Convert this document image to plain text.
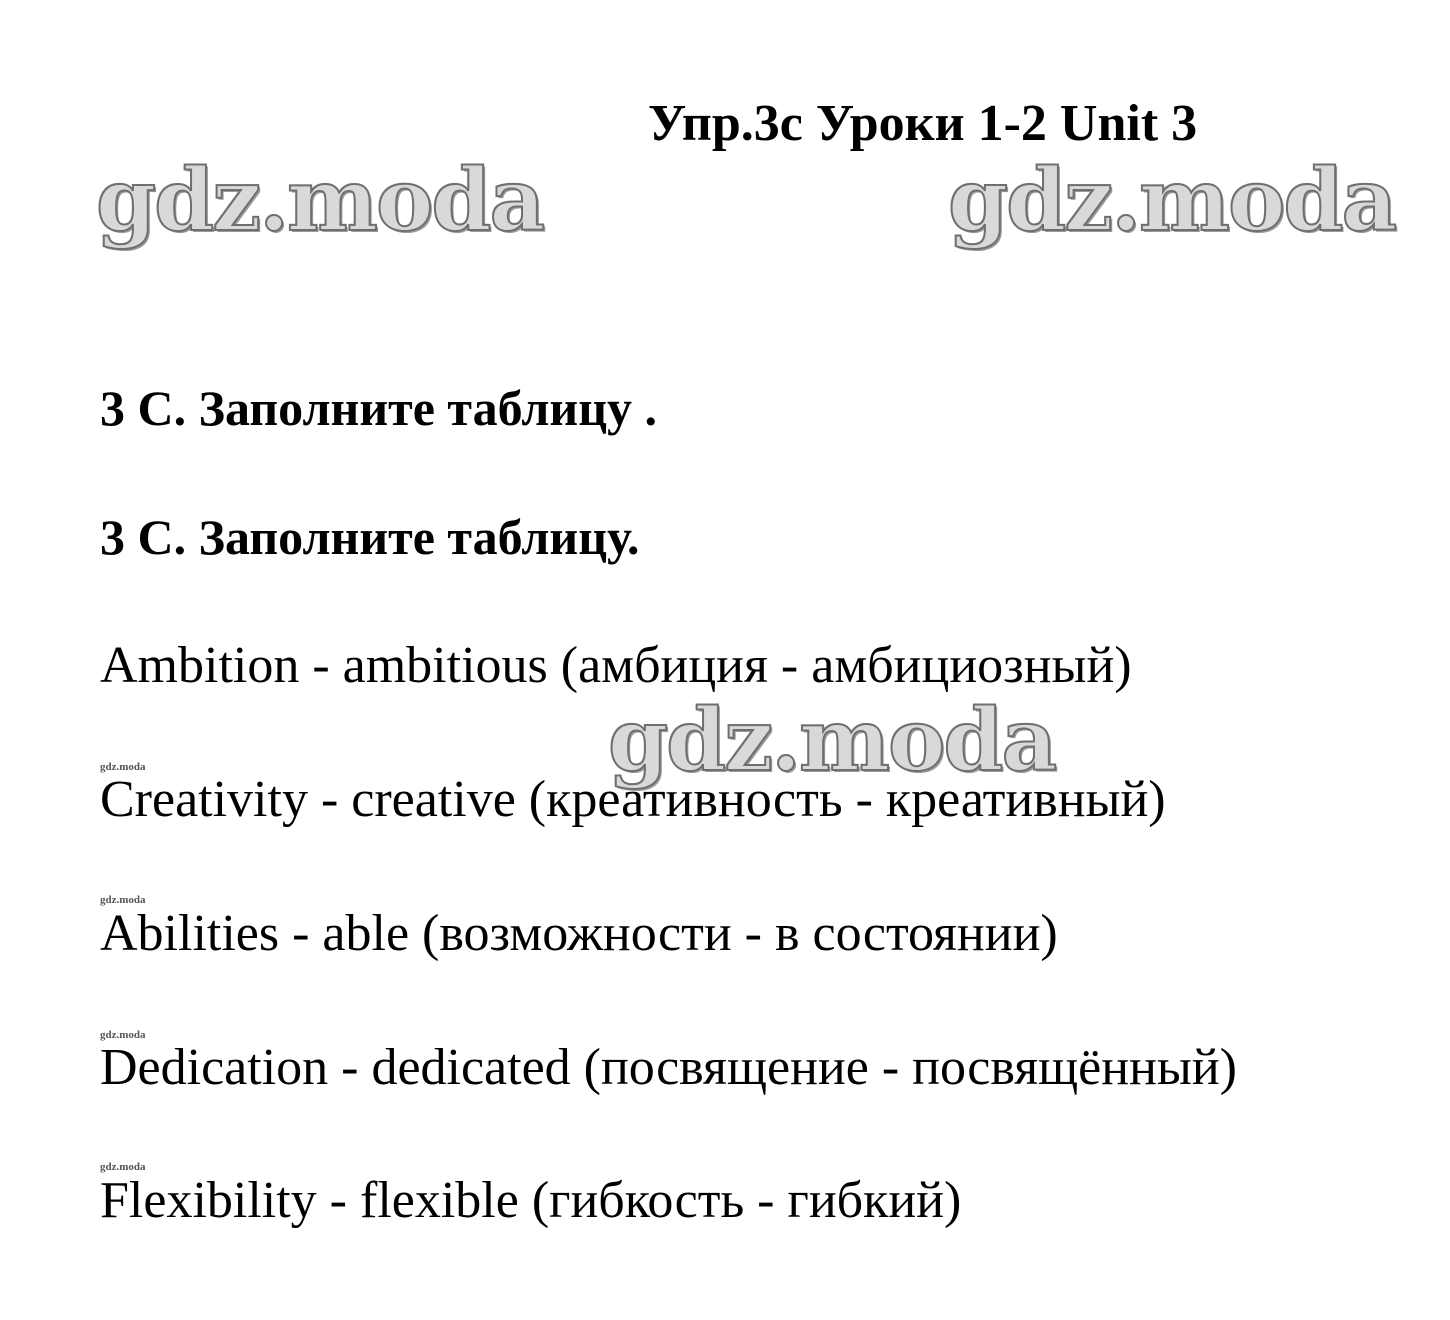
Упр.3с Уроки 1-2 Unit 3
gdz.moda	gdz.moda
3 С. Заполните таблицу .
3 С. Заполните таблицу.
Ambition - ambitious (амбиция - амбициозный)
gdz.moda
gdz.moda
Creativity - creative (креативность - креативный)
gdz.moda
Abilities - able (возможности - в состоянии)
gdz.moda
Dedication - dedicated (посвящение - посвящённый)
gdz.moda
Flexibility - flexible (гибкость - гибкий)
